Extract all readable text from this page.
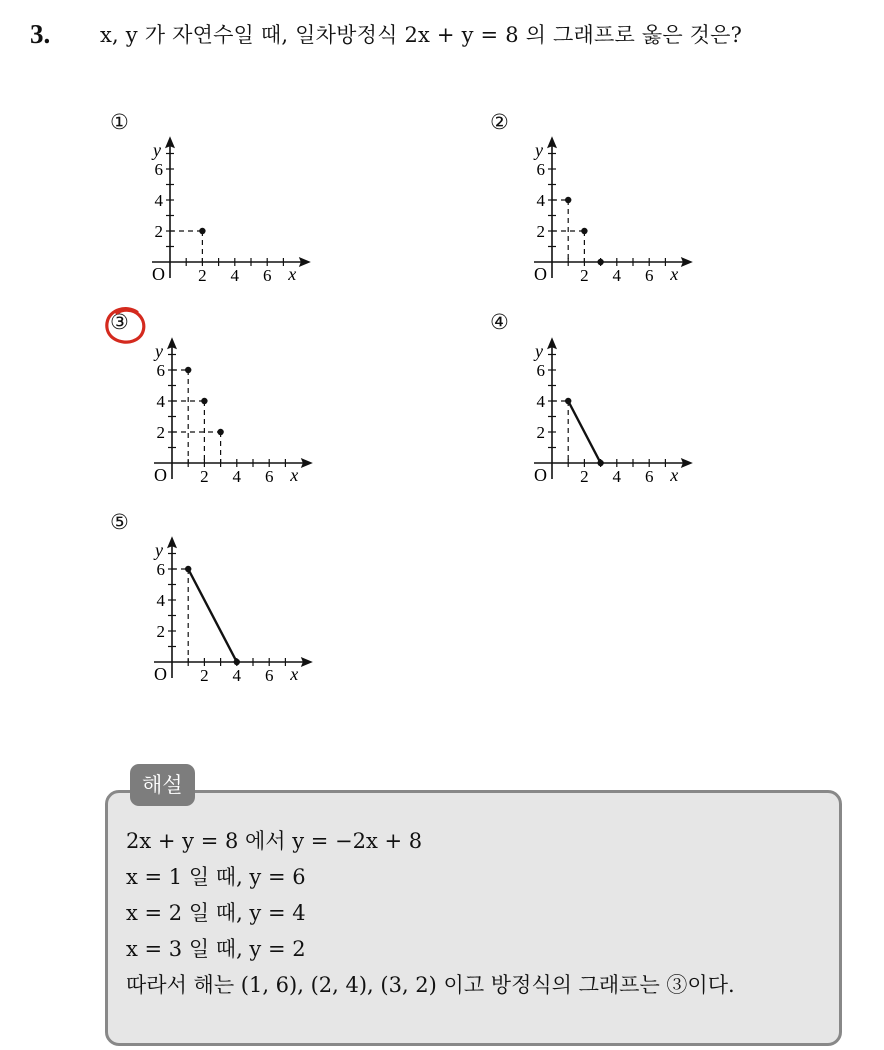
3.	x, y 가 자연수일 때, 일차방정식 2x + y = 8 의 그래프로 옳은 것은?
①
2 4 6
2
4
6
x
y
O
②
2 4 6
2
4
6
x
y
O
③
2 4 6
2
4
6
x
y
O
④
2 4 6
2
4
6
x
y
O
⑤
2 4 6
2
4
6
x
y
O
해설
2x + y = 8 에서 y = −2x + 8
x = 1 일 때, y = 6
x = 2 일 때, y = 4
x = 3 일 때, y = 2
따라서 해는 (1, 6), (2, 4), (3, 2) 이고 방정식의 그래프는 ③이다.
